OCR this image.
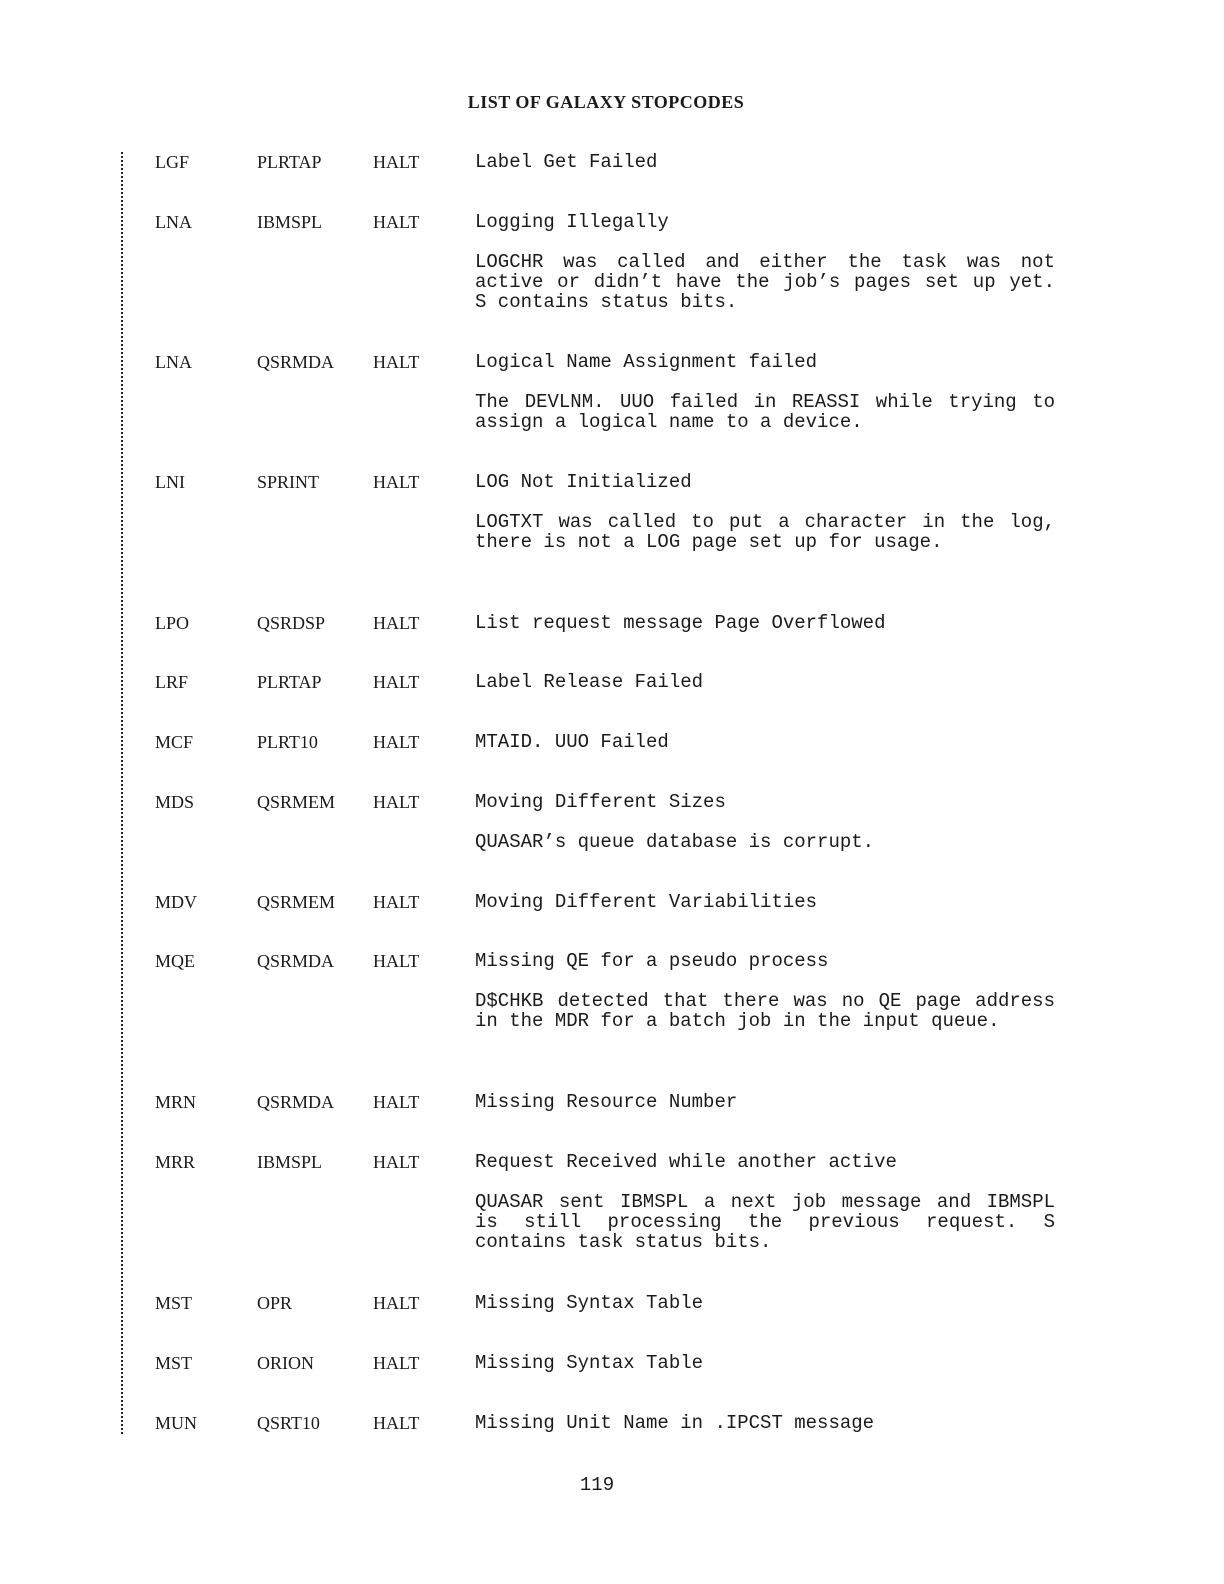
LIST OF GALAXY STOPCODES
LGF	PLRTAP	HALT	Label Get Failed
LNA	IBMSPL	HALT	Logging Illegally
LOGCHR was called and either the task was not active or didn’t have the job’s pages set up yet. S contains status bits.
LNA	QSRMDA HALT	Logical Name Assignment failed
The DEVLNM. UUO failed in REASSI while trying to assign a logical name to a device.
LNI	SPRINT	HALT	LOG Not Initialized
LOGTXT was called to put a character in the log, there is not a LOG page set up for usage.
LPO	QSRDSP	HALT	List request message Page Overflowed
LRF	PLRTAP	HALT	Label Release Failed
MCF	PLRT10	HALT	MTAID. UUO Failed
MDS	QSRMEM HALT	Moving Different Sizes
QUASAR’s queue database is corrupt.
MDV	QSRMEM HALT	Moving Different Variabilities
MQE	QSRMDA HALT	Missing QE for a pseudo process
D$CHKB detected that there was no QE page address in the MDR for a batch job in the input queue.
MRN	QSRMDA HALT	Missing Resource Number
MRR	IBMSPL	HALT	Request Received while another active
QUASAR sent IBMSPL a next job message and IBMSPL is still processing the previous request. S contains task status bits.
MST	OPR	HALT	Missing Syntax Table
MST	ORION	HALT	Missing Syntax Table
MUN	QSRT10	HALT	Missing Unit Name in .IPCST message
119
